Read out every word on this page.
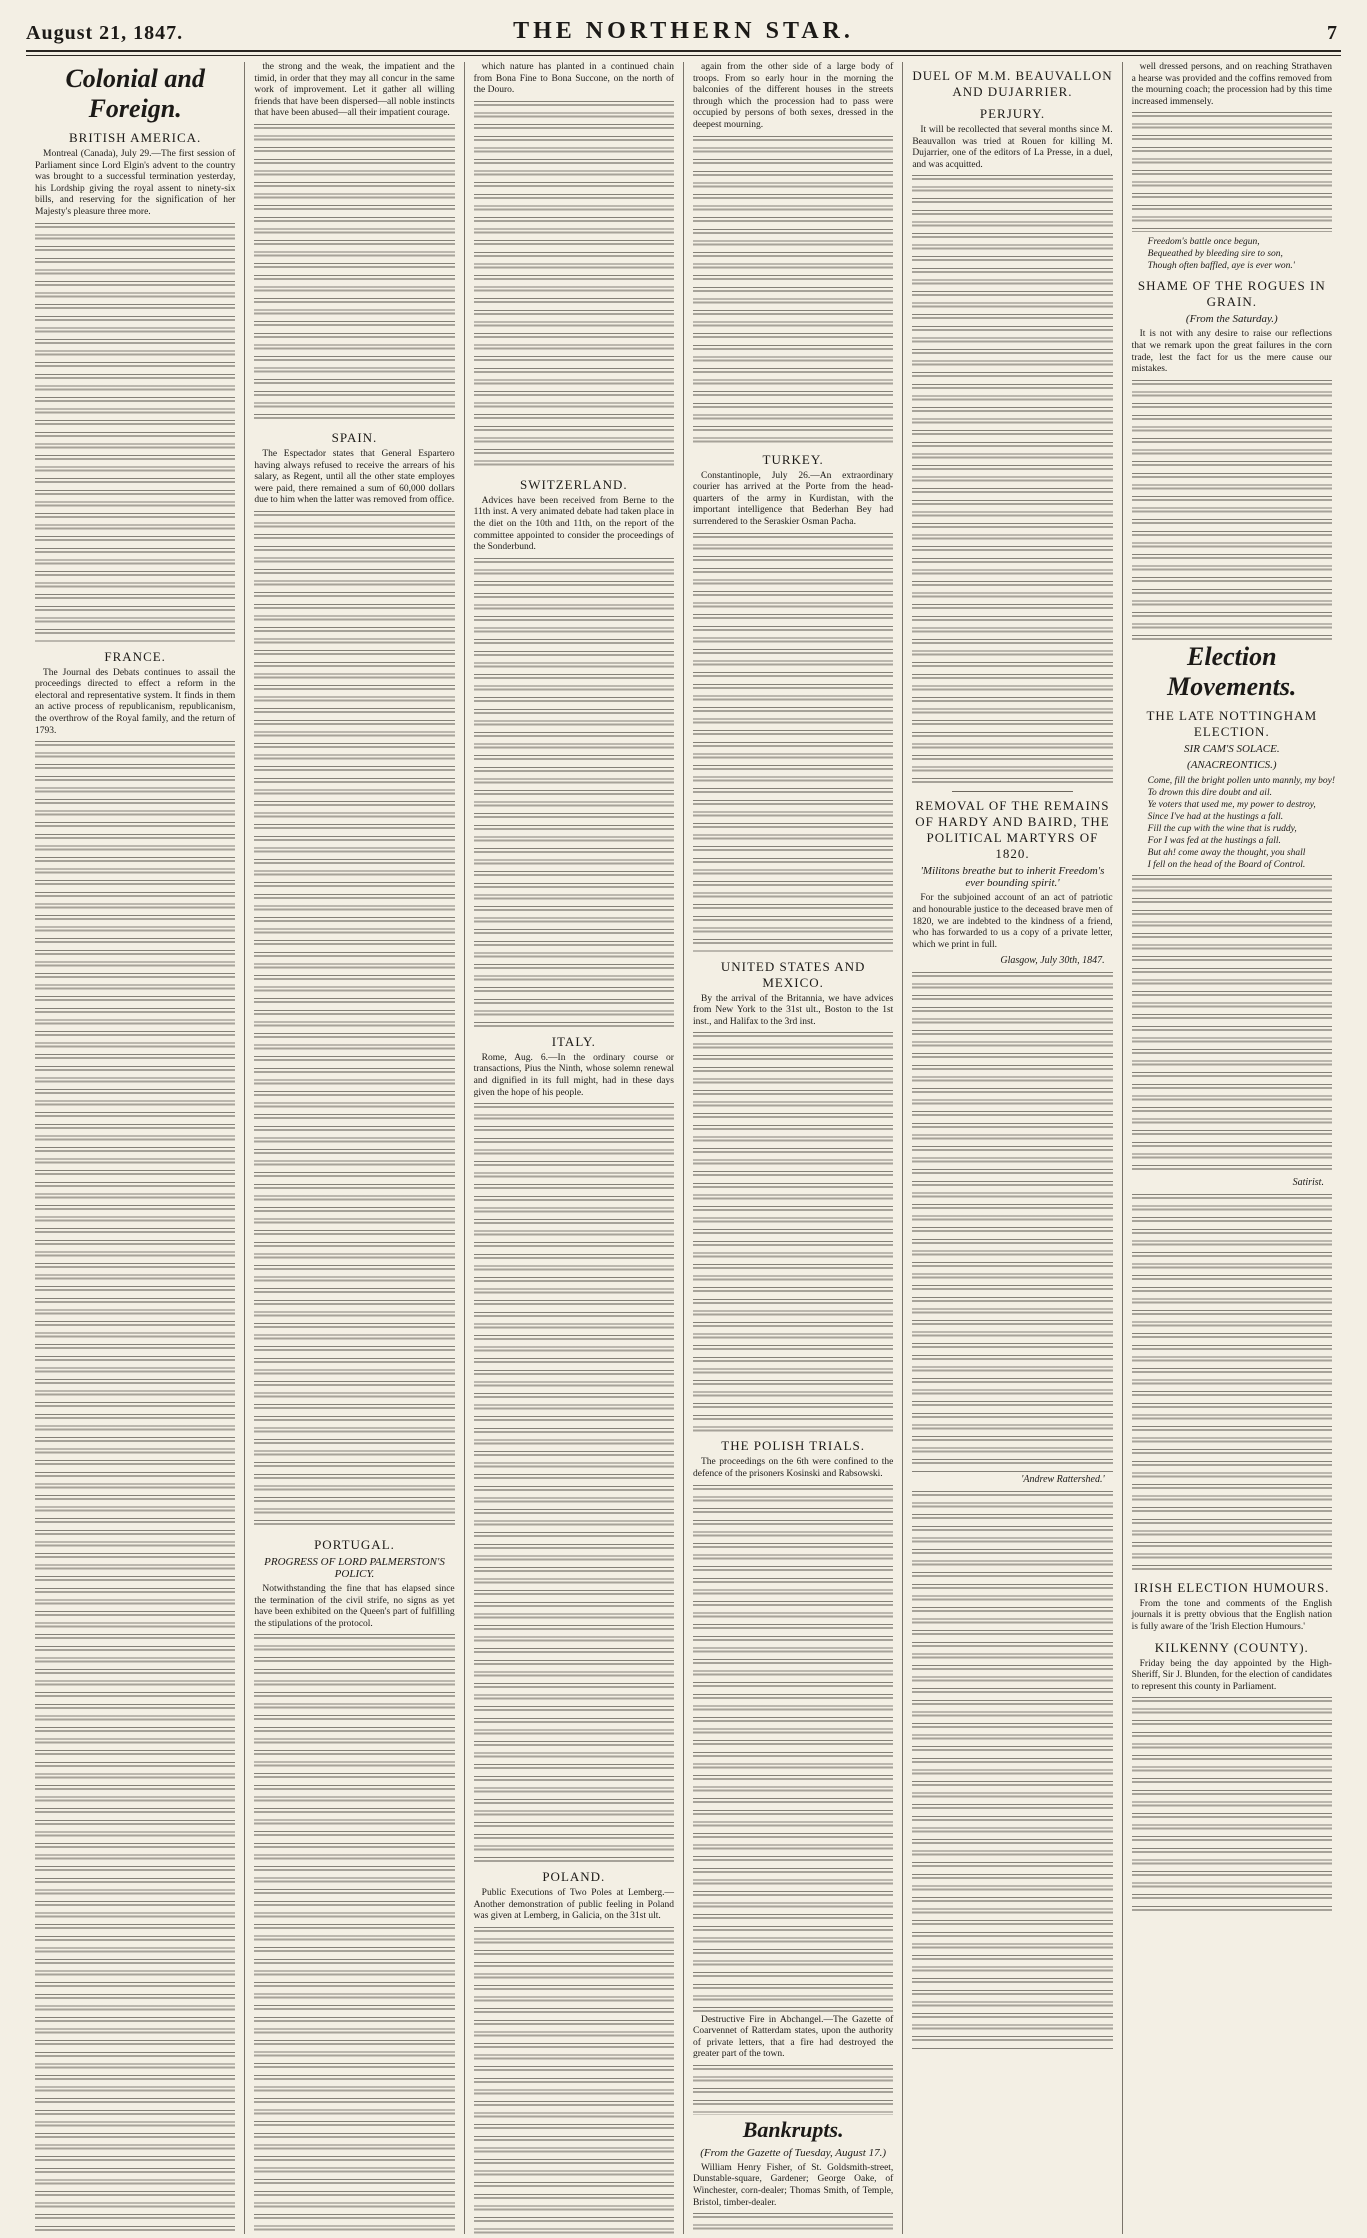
August 21, 1847.	THE NORTHERN STAR.	7
Colonial and Foreign.
BRITISH AMERICA.

Montreal (Canada), July 29.—The first session of Parliament since Lord Elgin's advent to the country was brought to a successful termination yesterday, his Lordship giving the royal assent to ninety-six bills, and reserving for the signification of her Majesty's pleasure three more.

FRANCE.

The Journal des Debats continues to assail the proceedings directed to effect a reform in the electoral and representative system. It finds in them an active process of republicanism, republicanism, the overthrow of the Royal family, and the return of 1793.

the strong and the weak, the impatient and the timid, in order that they may all concur in the same work of improvement. Let it gather all willing friends that have been dispersed—all noble instincts that have been abused—all their impatient courage.

SPAIN.

The Espectador states that General Espartero having always refused to receive the arrears of his salary, as Regent, until all the other state employes were paid, there remained a sum of 60,000 dollars due to him when the latter was removed from office.

PORTUGAL.
PROGRESS OF LORD PALMERSTON'S POLICY.

Notwithstanding the fine that has elapsed since the termination of the civil strife, no signs as yet have been exhibited on the Queen's part of fulfilling the stipulations of the protocol.

which nature has planted in a continued chain from Bona Fine to Bona Succone, on the north of the Douro.

SWITZERLAND.

Advices have been received from Berne to the 11th inst. A very animated debate had taken place in the diet on the 10th and 11th, on the report of the committee appointed to consider the proceedings of the Sonderbund.

ITALY.

Rome, Aug. 6.—In the ordinary course or transactions, Pius the Ninth, whose solemn renewal and dignified in its full might, had in these days given the hope of his people.

POLAND.

Public Executions of Two Poles at Lemberg.—Another demonstration of public feeling in Poland was given at Lemberg, in Galicia, on the 31st ult.

again from the other side of a large body of troops. From so early hour in the morning the balconies of the different houses in the streets through which the procession had to pass were occupied by persons of both sexes, dressed in the deepest mourning.

TURKEY.

Constantinople, July 26.—An extraordinary courier has arrived at the Porte from the head-quarters of the army in Kurdistan, with the important intelligence that Bederhan Bey had surrendered to the Seraskier Osman Pacha.

UNITED STATES AND MEXICO.

By the arrival of the Britannia, we have advices from New York to the 31st ult., Boston to the 1st inst., and Halifax to the 3rd inst.

THE POLISH TRIALS.

The proceedings on the 6th were confined to the defence of the prisoners Kosinski and Rabsowski.

Destructive Fire in Abchangel.—The Gazette of Coarvennet of Ratterdam states, upon the authority of private letters, that a fire had destroyed the greater part of the town.

Bankrupts.
(From the Gazette of Tuesday, August 17.)

William Henry Fisher, of St. Goldsmith-street, Dunstable-square, Gardener; George Oake, of Winchester, corn-dealer; Thomas Smith, of Temple, Bristol, timber-dealer.

DUEL OF M.M. BEAUVALLON AND DUJARRIER.
PERJURY.

It will be recollected that several months since M. Beauvallon was tried at Rouen for killing M. Dujarrier, one of the editors of La Presse, in a duel, and was acquitted.

REMOVAL OF THE REMAINS OF HARDY AND BAIRD, THE POLITICAL MARTYRS OF 1820.
'Militons breathe but to inherit Freedom's ever bounding spirit.'

For the subjoined account of an act of patriotic and honourable justice to the deceased brave men of 1820, we are indebted to the kindness of a friend, who has forwarded to us a copy of a private letter, which we print in full.

Glasgow, July 30th, 1847.
'Andrew Rattershed.'

well dressed persons, and on reaching Strathaven a hearse was provided and the coffins removed from the mourning coach; the procession had by this time increased immensely.

Freedom's battle once begun,
Bequeathed by bleeding sire to son,
Though often baffled, aye is ever won.'
SHAME OF THE ROGUES IN GRAIN.
(From the Saturday.)

It is not with any desire to raise our reflections that we remark upon the great failures in the corn trade, lest the fact for us the mere cause our mistakes.

Election Movements.
THE LATE NOTTINGHAM ELECTION.
SIR CAM'S SOLACE.
(ANACREONTICS.)
Come, fill the bright pollen unto mannly, my boy!
To drown this dire doubt and ail.
Ye voters that used me, my power to destroy,
Since I've had at the hustings a fall.
Fill the cup with the wine that is ruddy,
For I was fed at the hustings a fall.
But ah! come away the thought, you shall
I fell on the head of the Board of Control.
Satirist.
IRISH ELECTION HUMOURS.

From the tone and comments of the English journals it is pretty obvious that the English nation is fully aware of the 'Irish Election Humours.'

KILKENNY (COUNTY).

Friday being the day appointed by the High-Sheriff, Sir J. Blunden, for the election of candidates to represent this county in Parliament.
